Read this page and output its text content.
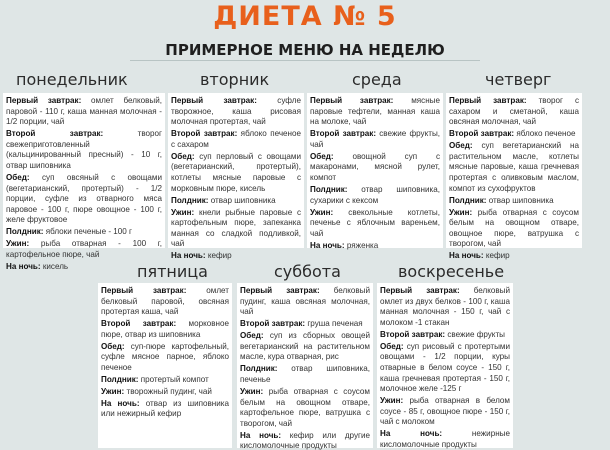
ДИЕТА № 5
ПРИМЕРНОЕ МЕНЮ НА НЕДЕЛЮ
понедельник	вторник	среда	четверг
пятница	суббота	воскресенье

Первый завтрак: омлет белковый, паровой - 110 г, каша манная молочная - 1/2 порции, чай

Второй завтрак: творог свежеприготовленный (кальцинированный пресный) - 10 г, отвар шиповника

Обед: суп овсяный с овощами (вегетарианский, протертый) - 1/2 порции, суфле из отварного мяса паровое - 100 г, пюре овощное - 100 г, желе фруктовое

Полдник: яблоки печеные - 100 г

Ужин: рыба отварная - 100 г, картофельное пюре, чай

На ночь: кисель

Первый завтрак: суфле творожное, каша рисовая молочная протертая, чай

Второй завтрак: яблоко печеное с сахаром

Обед: суп перловый с овощами (вегетарианский, протертый), котлеты мясные паровые с морковным пюре, кисель

Полдник: отвар шиповника

Ужин: кнели рыбные паровые с картофельным пюре, запеканка манная со сладкой подливкой, чай

На ночь: кефир

Первый завтрак: мясные паровые тефтели, манная каша на молоке, чай

Второй завтрак: свежие фрукты, чай

Обед: овощной суп с макаронами, мясной рулет, компот

Полдник: отвар шиповника, сухарики с кексом

Ужин: свекольные котлеты, печенье с яблочным вареньем, чай

На ночь: ряженка

Первый завтрак: творог с сахаром и сметаной, каша овсяная молочная, чай

Второй завтрак: яблоко печеное

Обед: суп вегетарианский на растительном масле, котлеты мясные паровые, каша гречневая протертая с оливковым маслом, компот из сухофруктов

Полдник: отвар шиповника

Ужин: рыба отварная с соусом белым на овощном отваре, овощное пюре, ватрушка с творогом, чай

На ночь: кефир

Первый завтрак: омлет белковый паровой, овсяная протертая каша, чай

Второй завтрак: морковное пюре, отвар из шиповника

Обед: суп-пюре картофельный, суфле мясное парное, яблоко печеное

Полдник: протертый компот

Ужин: творожный пудинг, чай

На ночь: отвар из шиповника или нежирный кефир

Первый завтрак: белковый пудинг, каша овсяная молочная, чай

Второй завтрак: груша печеная

Обед: суп из сборных овощей вегетарианский на растительном масле, кура отварная, рис

Полдник: отвар шиповника, печенье

Ужин: рыба отварная с соусом белым на овощном отваре, картофельное пюре, ватрушка с творогом, чай

На ночь: кефир или другие кисломолочные продукты

Первый завтрак: белковый омлет из двух белков - 100 г, каша манная молочная - 150 г, чай с молоком -1 стакан

Второй завтрак: свежие фрукты

Обед: суп рисовый с протертыми овощами - 1/2 порции, куры отварные в белом соусе - 150 г, каша гречневая протертая - 150 г, молочное желе -125 г

Ужин: рыба отварная в белом соусе - 85 г, овощное пюре - 150 г, чай с молоком

На ночь: нежирные кисломолочные продукты
